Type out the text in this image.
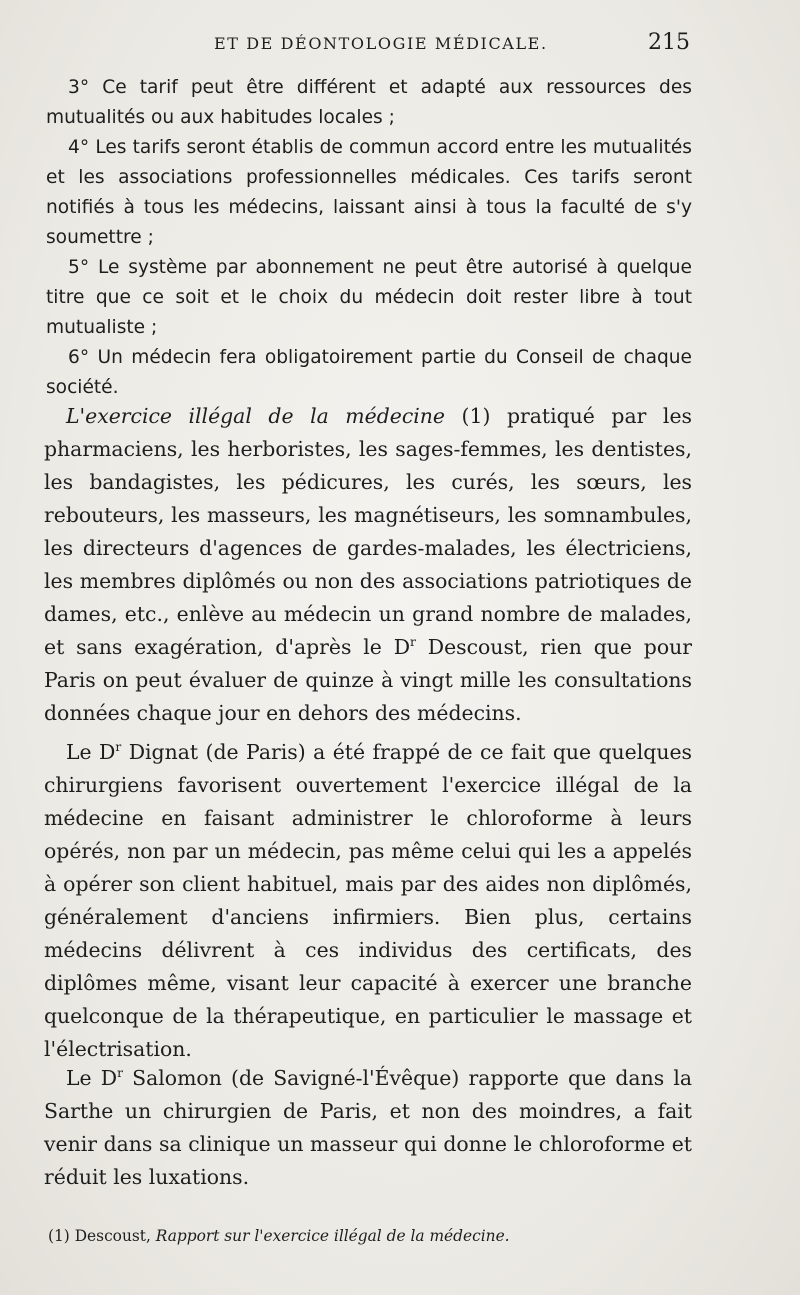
ET DE DÉONTOLOGIE MÉDICALE.	215

3° Ce tarif peut être différent et adapté aux ressources des mutualités ou aux habitudes locales ;

4° Les tarifs seront établis de commun accord entre les mutualités et les associations professionnelles médicales. Ces tarifs seront notifiés à tous les médecins, laissant ainsi à tous la faculté de s'y soumettre ;

5° Le système par abonnement ne peut être autorisé à quelque titre que ce soit et le choix du médecin doit rester libre à tout mutualiste ;

6° Un médecin fera obligatoirement partie du Conseil de chaque société.

L'exercice illégal de la médecine (1) pratiqué par les pharmaciens, les herboristes, les sages-femmes, les dentistes, les bandagistes, les pédicures, les curés, les sœurs, les rebouteurs, les masseurs, les magnétiseurs, les somnambules, les directeurs d'agences de gardes-malades, les électriciens, les membres diplômés ou non des associations patriotiques de dames, etc., enlève au médecin un grand nombre de malades, et sans exagération, d'après le $D^r$ Descoust, rien que pour Paris on peut évaluer de quinze à vingt mille les consultations données chaque jour en dehors des médecins.

Le $D^r$ Dignat (de Paris) a été frappé de ce fait que quelques chirurgiens favorisent ouvertement l'exercice illégal de la médecine en faisant administrer le chloroforme à leurs opérés, non par un médecin, pas même celui qui les a appelés à opérer son client habituel, mais par des aides non diplômés, généralement d'anciens infirmiers. Bien plus, certains médecins délivrent à ces individus des certificats, des diplômes même, visant leur capacité à exercer une branche quelconque de la thérapeutique, en particulier le massage et l'électrisation.

Le $D^r$ Salomon (de Savigné-l'Évêque) rapporte que dans la Sarthe un chirurgien de Paris, et non des moindres, a fait venir dans sa clinique un masseur qui donne le chloroforme et réduit les luxations.

(1) Descoust, Rapport sur l'exercice illégal de la médecine.
